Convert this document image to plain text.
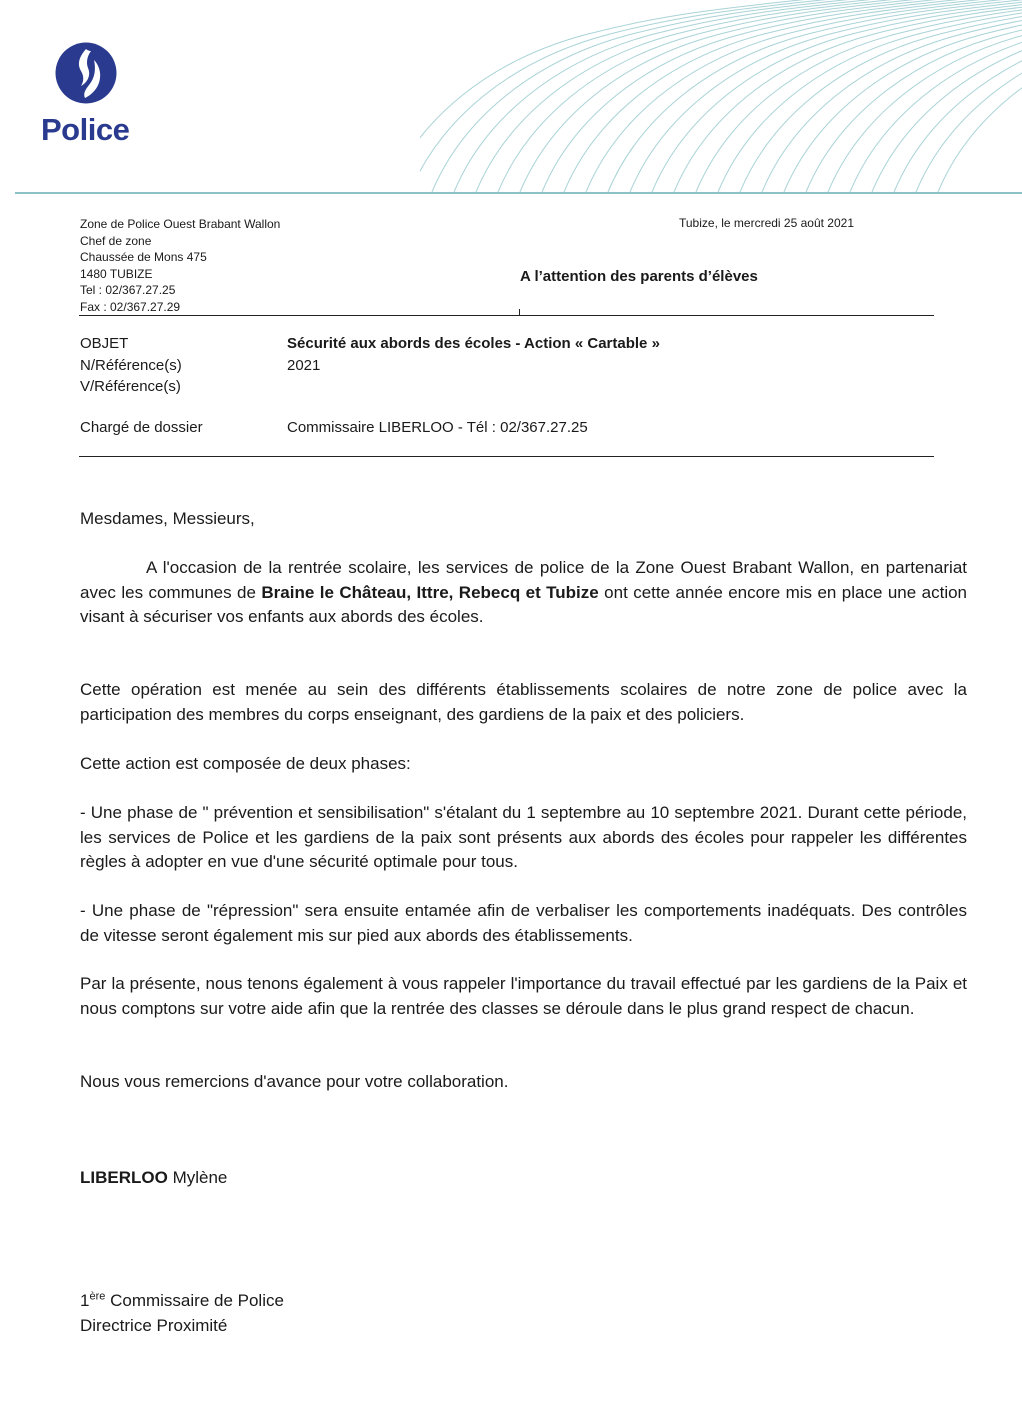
Police
Zone de Police Ouest Brabant Wallon
Chef de zone
Chaussée de Mons 475
1480 TUBIZE
Tel : 02/367.27.25
Fax : 02/367.27.29
Tubize, le mercredi 25 août 2021
A l’attention des parents d’élèves
OBJET	Sécurité aux abords des écoles - Action « Cartable »
N/Référence(s)	2021
V/Référence(s)
Chargé de dossier	Commissaire LIBERLOO - Tél : 02/367.27.25

Mesdames, Messieurs,

A l'occasion de la rentrée scolaire, les services de police de la Zone Ouest Brabant Wallon, en partenariat avec les communes de Braine le Château, Ittre, Rebecq et Tubize ont cette année encore mis en place une action visant à sécuriser vos enfants aux abords des écoles.

Cette opération est menée au sein des différents établissements scolaires de notre zone de police avec la participation des membres du corps enseignant, des gardiens de la paix et des policiers.

Cette action est composée de deux phases:

- Une phase de " prévention et sensibilisation" s'étalant du 1 septembre au 10 septembre 2021. Durant cette période, les services de Police et les gardiens de la paix sont présents aux abords des écoles pour rappeler les différentes règles à adopter en vue d'une sécurité optimale pour tous.

- Une phase de "répression" sera ensuite entamée afin de verbaliser les comportements inadéquats. Des contrôles de vitesse seront également mis sur pied aux abords des établissements.

Par la présente, nous tenons également à vous rappeler l'importance du travail effectué par les gardiens de la Paix et nous comptons sur votre aide afin que la rentrée des classes se déroule dans le plus grand respect de chacun.

Nous vous remercions d'avance pour votre collaboration.

LIBERLOO Mylène
1ère Commissaire de Police
Directrice Proximité
